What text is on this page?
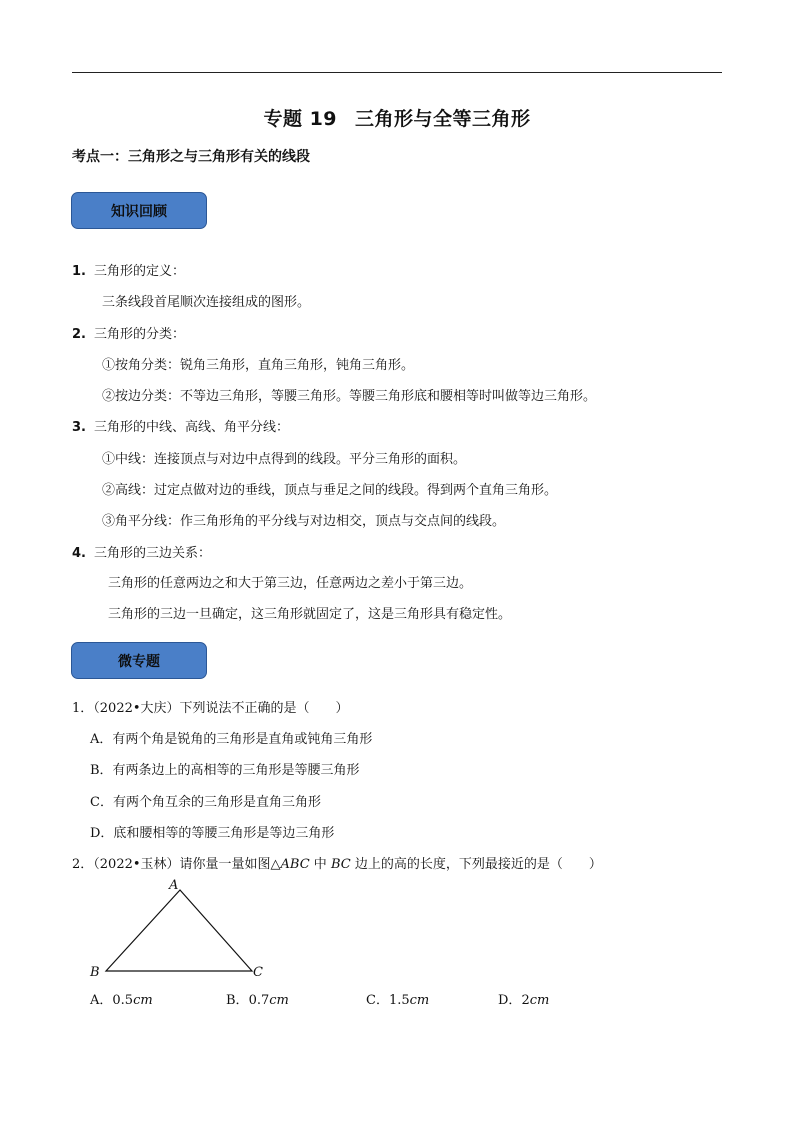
专题 19 三角形与全等三角形
考点一：三角形之与三角形有关的线段
知识回顾
1. 三角形的定义：
三条线段首尾顺次连接组成的图形。
2. 三角形的分类：
①按角分类：锐角三角形，直角三角形，钝角三角形。
②按边分类：不等边三角形，等腰三角形。等腰三角形底和腰相等时叫做等边三角形。
3. 三角形的中线、高线、角平分线：
①中线：连接顶点与对边中点得到的线段。平分三角形的面积。
②高线：过定点做对边的垂线，顶点与垂足之间的线段。得到两个直角三角形。
③角平分线：作三角形角的平分线与对边相交，顶点与交点间的线段。
4. 三角形的三边关系：
三角形的任意两边之和大于第三边，任意两边之差小于第三边。
三角形的三边一旦确定，这三角形就固定了，这是三角形具有稳定性。
微专题
1．（2022•大庆）下列说法不正确的是（　　）
A．有两个角是锐角的三角形是直角或钝角三角形
B．有两条边上的高相等的三角形是等腰三角形
C．有两个角互余的三角形是直角三角形
D．底和腰相等的等腰三角形是等边三角形
2．（2022•玉林）请你量一量如图△ABC 中 BC 边上的高的长度，下列最接近的是（　　）
A
B	C
A．0.5cm	B．0.7cm	C．1.5cm	D．2cm
